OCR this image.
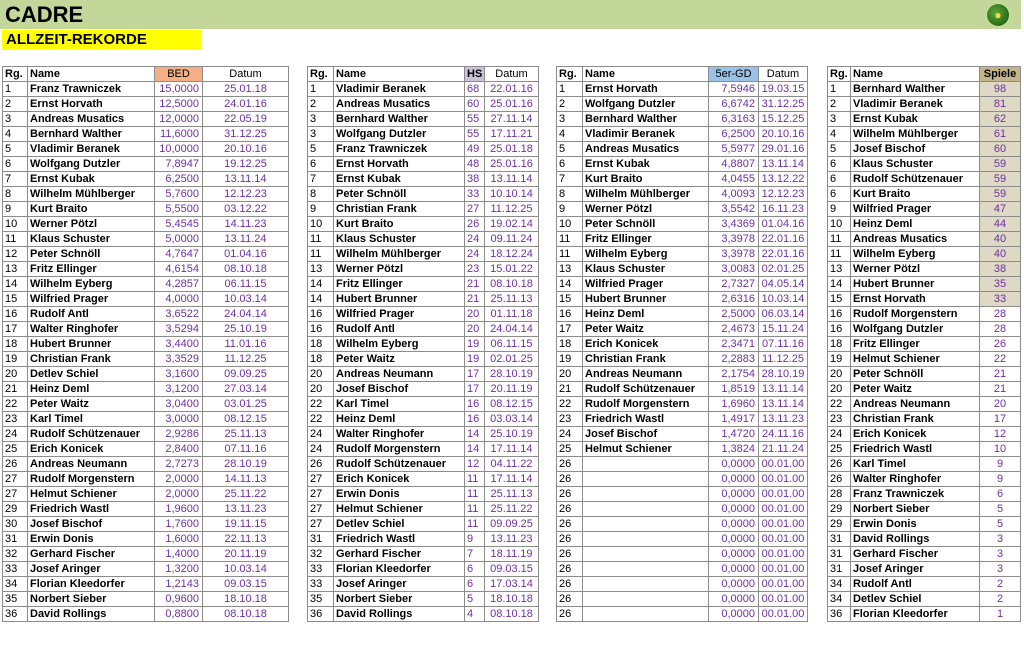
CADRE	●
ALLZEIT-REKORDE
Rg.	Name	BED	Datum
1	Franz Trawniczek	15,0000	25.01.18
2	Ernst Horvath	12,5000	24.01.16
3	Andreas Musatics	12,0000	22.05.19
4	Bernhard Walther	11,6000	31.12.25
5	Vladimir Beranek	10,0000	20.10.16
6	Wolfgang Dutzler	7,8947	19.12.25
7	Ernst Kubak	6,2500	13.11.14
8	Wilhelm Mühlberger	5,7600	12.12.23
9	Kurt Braito	5,5500	03.12.22
10	Werner Pötzl	5,4545	14.11.23
11	Klaus Schuster	5,0000	13.11.24
12	Peter Schnöll	4,7647	01.04.16
13	Fritz Ellinger	4,6154	08.10.18
14	Wilhelm Eyberg	4,2857	06.11.15
15	Wilfried Prager	4,0000	10.03.14
16	Rudolf Antl	3,6522	24.04.14
17	Walter Ringhofer	3,5294	25.10.19
18	Hubert Brunner	3,4400	11.01.16
19	Christian Frank	3,3529	11.12.25
20	Detlev Schiel	3,1600	09.09.25
21	Heinz Deml	3,1200	27.03.14
22	Peter Waitz	3,0400	03.01.25
23	Karl Timel	3,0000	08.12.15
24	Rudolf Schützenauer	2,9286	25.11.13
25	Erich Konicek	2,8400	07.11.16
26	Andreas Neumann	2,7273	28.10.19
27	Rudolf Morgenstern	2,0000	14.11.13
27	Helmut Schiener	2,0000	25.11.22
29	Friedrich Wastl	1,9600	13.11.23
30	Josef Bischof	1,7600	19.11.15
31	Erwin Donis	1,6000	22.11.13
32	Gerhard Fischer	1,4000	20.11.19
33	Josef Aringer	1,3200	10.03.14
34	Florian Kleedorfer	1,2143	09.03.15
35	Norbert Sieber	0,9600	18.10.18
36	David Rollings	0,8800	08.10.18
Rg.	Name	HS	Datum
1	Vladimir Beranek	68	22.01.16
2	Andreas Musatics	60	25.01.16
3	Bernhard Walther	55	27.11.14
3	Wolfgang Dutzler	55	17.11.21
5	Franz Trawniczek	49	25.01.18
6	Ernst Horvath	48	25.01.16
7	Ernst Kubak	38	13.11.14
8	Peter Schnöll	33	10.10.14
9	Christian Frank	27	11.12.25
10	Kurt Braito	26	19.02.14
11	Klaus Schuster	24	09.11.24
11	Wilhelm Mühlberger	24	18.12.24
13	Werner Pötzl	23	15.01.22
14	Fritz Ellinger	21	08.10.18
14	Hubert Brunner	21	25.11.13
16	Wilfried Prager	20	01.11.18
16	Rudolf Antl	20	24.04.14
18	Wilhelm Eyberg	19	06.11.15
18	Peter Waitz	19	02.01.25
20	Andreas Neumann	17	28.10.19
20	Josef Bischof	17	20.11.19
22	Karl Timel	16	08.12.15
22	Heinz Deml	16	03.03.14
24	Walter Ringhofer	14	25.10.19
24	Rudolf Morgenstern	14	17.11.14
26	Rudolf Schützenauer	12	04.11.22
27	Erich Konicek	11	17.11.14
27	Erwin Donis	11	25.11.13
27	Helmut Schiener	11	25.11.22
27	Detlev Schiel	11	09.09.25
31	Friedrich Wastl	9	13.11.23
32	Gerhard Fischer	7	18.11.19
33	Florian Kleedorfer	6	09.03.15
33	Josef Aringer	6	17.03.14
35	Norbert Sieber	5	18.10.18
36	David Rollings	4	08.10.18
Rg.	Name	5er-GD	Datum
1	Ernst Horvath	7,5946	19.03.15
2	Wolfgang Dutzler	6,6742	31.12.25
3	Bernhard Walther	6,3163	15.12.25
4	Vladimir Beranek	6,2500	20.10.16
5	Andreas Musatics	5,5977	29.01.16
6	Ernst Kubak	4,8807	13.11.14
7	Kurt Braito	4,0455	13.12.22
8	Wilhelm Mühlberger	4,0093	12.12.23
9	Werner Pötzl	3,5542	16.11.23
10	Peter Schnöll	3,4369	01.04.16
11	Fritz Ellinger	3,3978	22.01.16
11	Wilhelm Eyberg	3,3978	22.01.16
13	Klaus Schuster	3,0083	02.01.25
14	Wilfried Prager	2,7327	04.05.14
15	Hubert Brunner	2,6316	10.03.14
16	Heinz Deml	2,5000	06.03.14
17	Peter Waitz	2,4673	15.11.24
18	Erich Konicek	2,3471	07.11.16
19	Christian Frank	2,2883	11.12.25
20	Andreas Neumann	2,1754	28.10.19
21	Rudolf Schützenauer	1,8519	13.11.14
22	Rudolf Morgenstern	1,6960	13.11.14
23	Friedrich Wastl	1,4917	13.11.23
24	Josef Bischof	1,4720	24.11.16
25	Helmut Schiener	1,3824	21.11.24
26		0,0000	00.01.00
26		0,0000	00.01.00
26		0,0000	00.01.00
26		0,0000	00.01.00
26		0,0000	00.01.00
26		0,0000	00.01.00
26		0,0000	00.01.00
26		0,0000	00.01.00
26		0,0000	00.01.00
26		0,0000	00.01.00
26		0,0000	00.01.00
Rg.	Name	Spiele
1	Bernhard Walther	98
2	Vladimir Beranek	81
3	Ernst Kubak	62
4	Wilhelm Mühlberger	61
5	Josef Bischof	60
6	Klaus Schuster	59
6	Rudolf Schützenauer	59
6	Kurt Braito	59
9	Wilfried Prager	47
10	Heinz Deml	44
11	Andreas Musatics	40
11	Wilhelm Eyberg	40
13	Werner Pötzl	38
14	Hubert Brunner	35
15	Ernst Horvath	33
16	Rudolf Morgenstern	28
16	Wolfgang Dutzler	28
18	Fritz Ellinger	26
19	Helmut Schiener	22
20	Peter Schnöll	21
20	Peter Waitz	21
22	Andreas Neumann	20
23	Christian Frank	17
24	Erich Konicek	12
25	Friedrich Wastl	10
26	Karl Timel	9
26	Walter Ringhofer	9
28	Franz Trawniczek	6
29	Norbert Sieber	5
29	Erwin Donis	5
31	David Rollings	3
31	Gerhard Fischer	3
31	Josef Aringer	3
34	Rudolf Antl	2
34	Detlev Schiel	2
36	Florian Kleedorfer	1
